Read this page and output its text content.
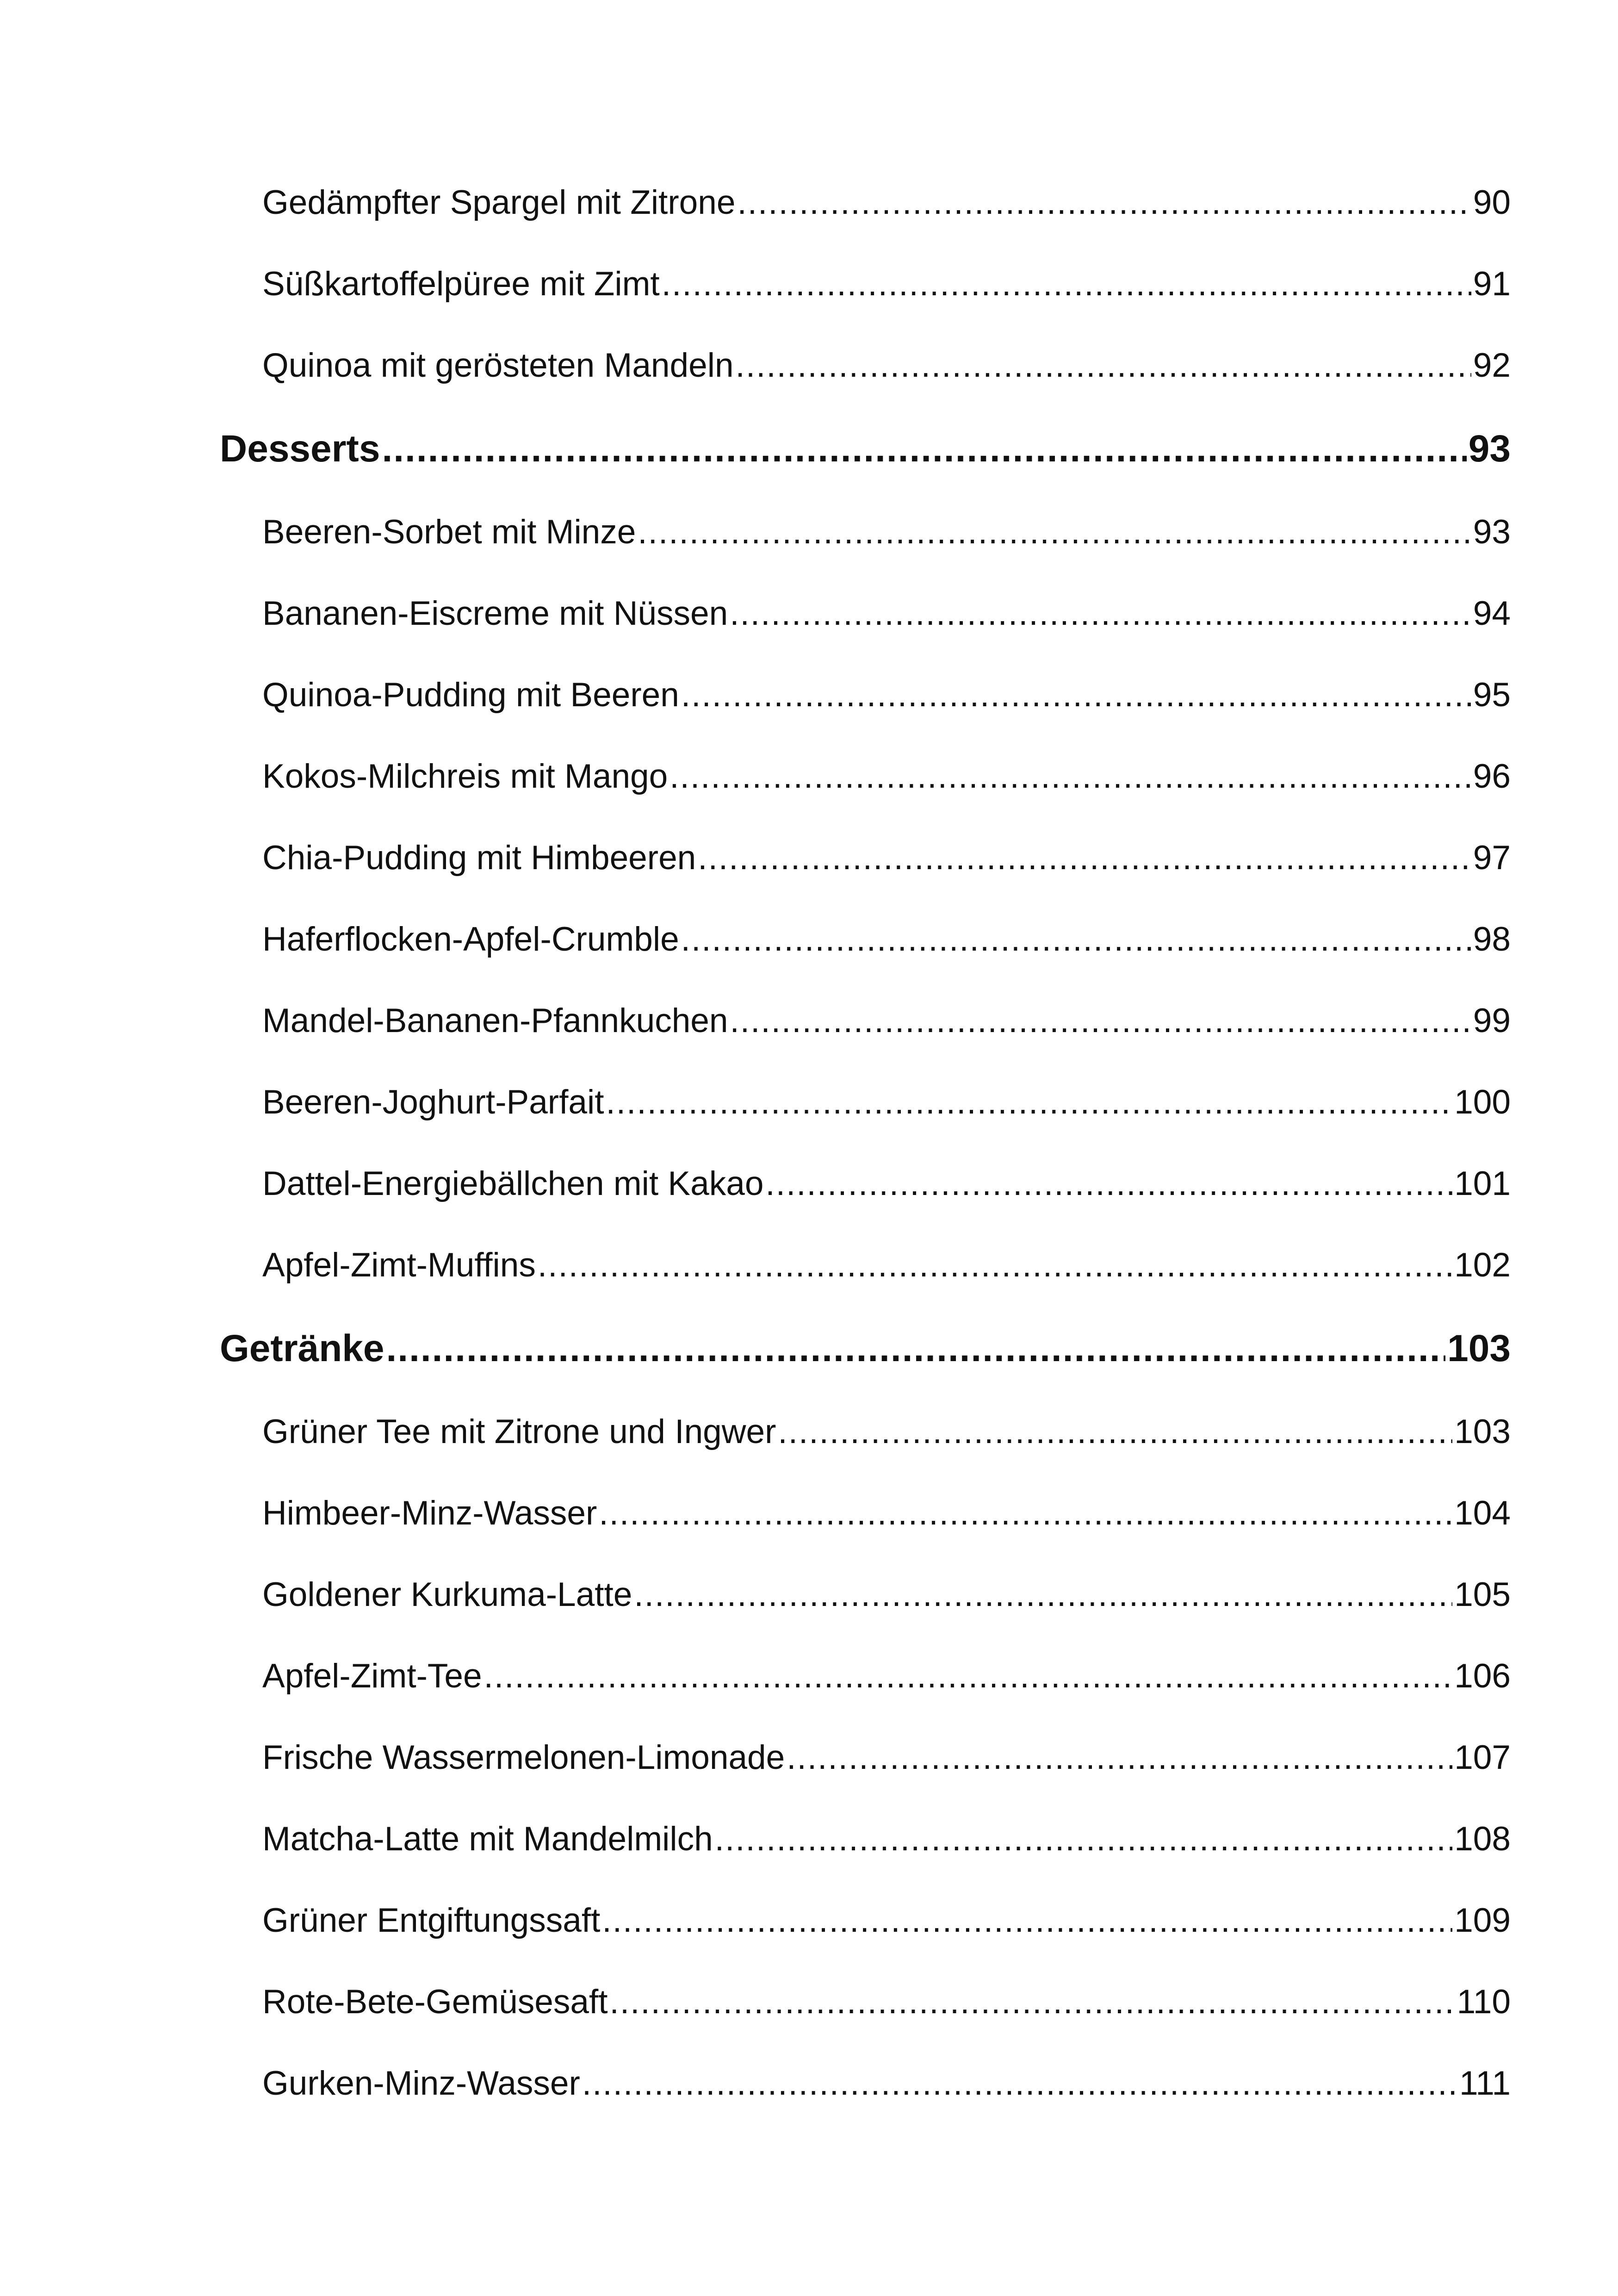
Gedämpfter Spargel mit Zitrone .....	90
Süßkartoffelpüree mit Zimt .....	91
Quinoa mit gerösteten Mandeln .....	92
Desserts .....	93
Beeren-Sorbet mit Minze .....	93
Bananen-Eiscreme mit Nüssen .....	94
Quinoa-Pudding mit Beeren .....	95
Kokos-Milchreis mit Mango .....	96
Chia-Pudding mit Himbeeren .....	97
Haferflocken-Apfel-Crumble .....	98
Mandel-Bananen-Pfannkuchen .....	99
Beeren-Joghurt-Parfait .....	100
Dattel-Energiebällchen mit Kakao .....	101
Apfel-Zimt-Muffins .....	102
Getränke .....	103
Grüner Tee mit Zitrone und Ingwer .....	103
Himbeer-Minz-Wasser .....	104
Goldener Kurkuma-Latte .....	105
Apfel-Zimt-Tee .....	106
Frische Wassermelonen-Limonade .....	107
Matcha-Latte mit Mandelmilch .....	108
Grüner Entgiftungssaft .....	109
Rote-Bete-Gemüsesaft .....	110
Gurken-Minz-Wasser .....	111
